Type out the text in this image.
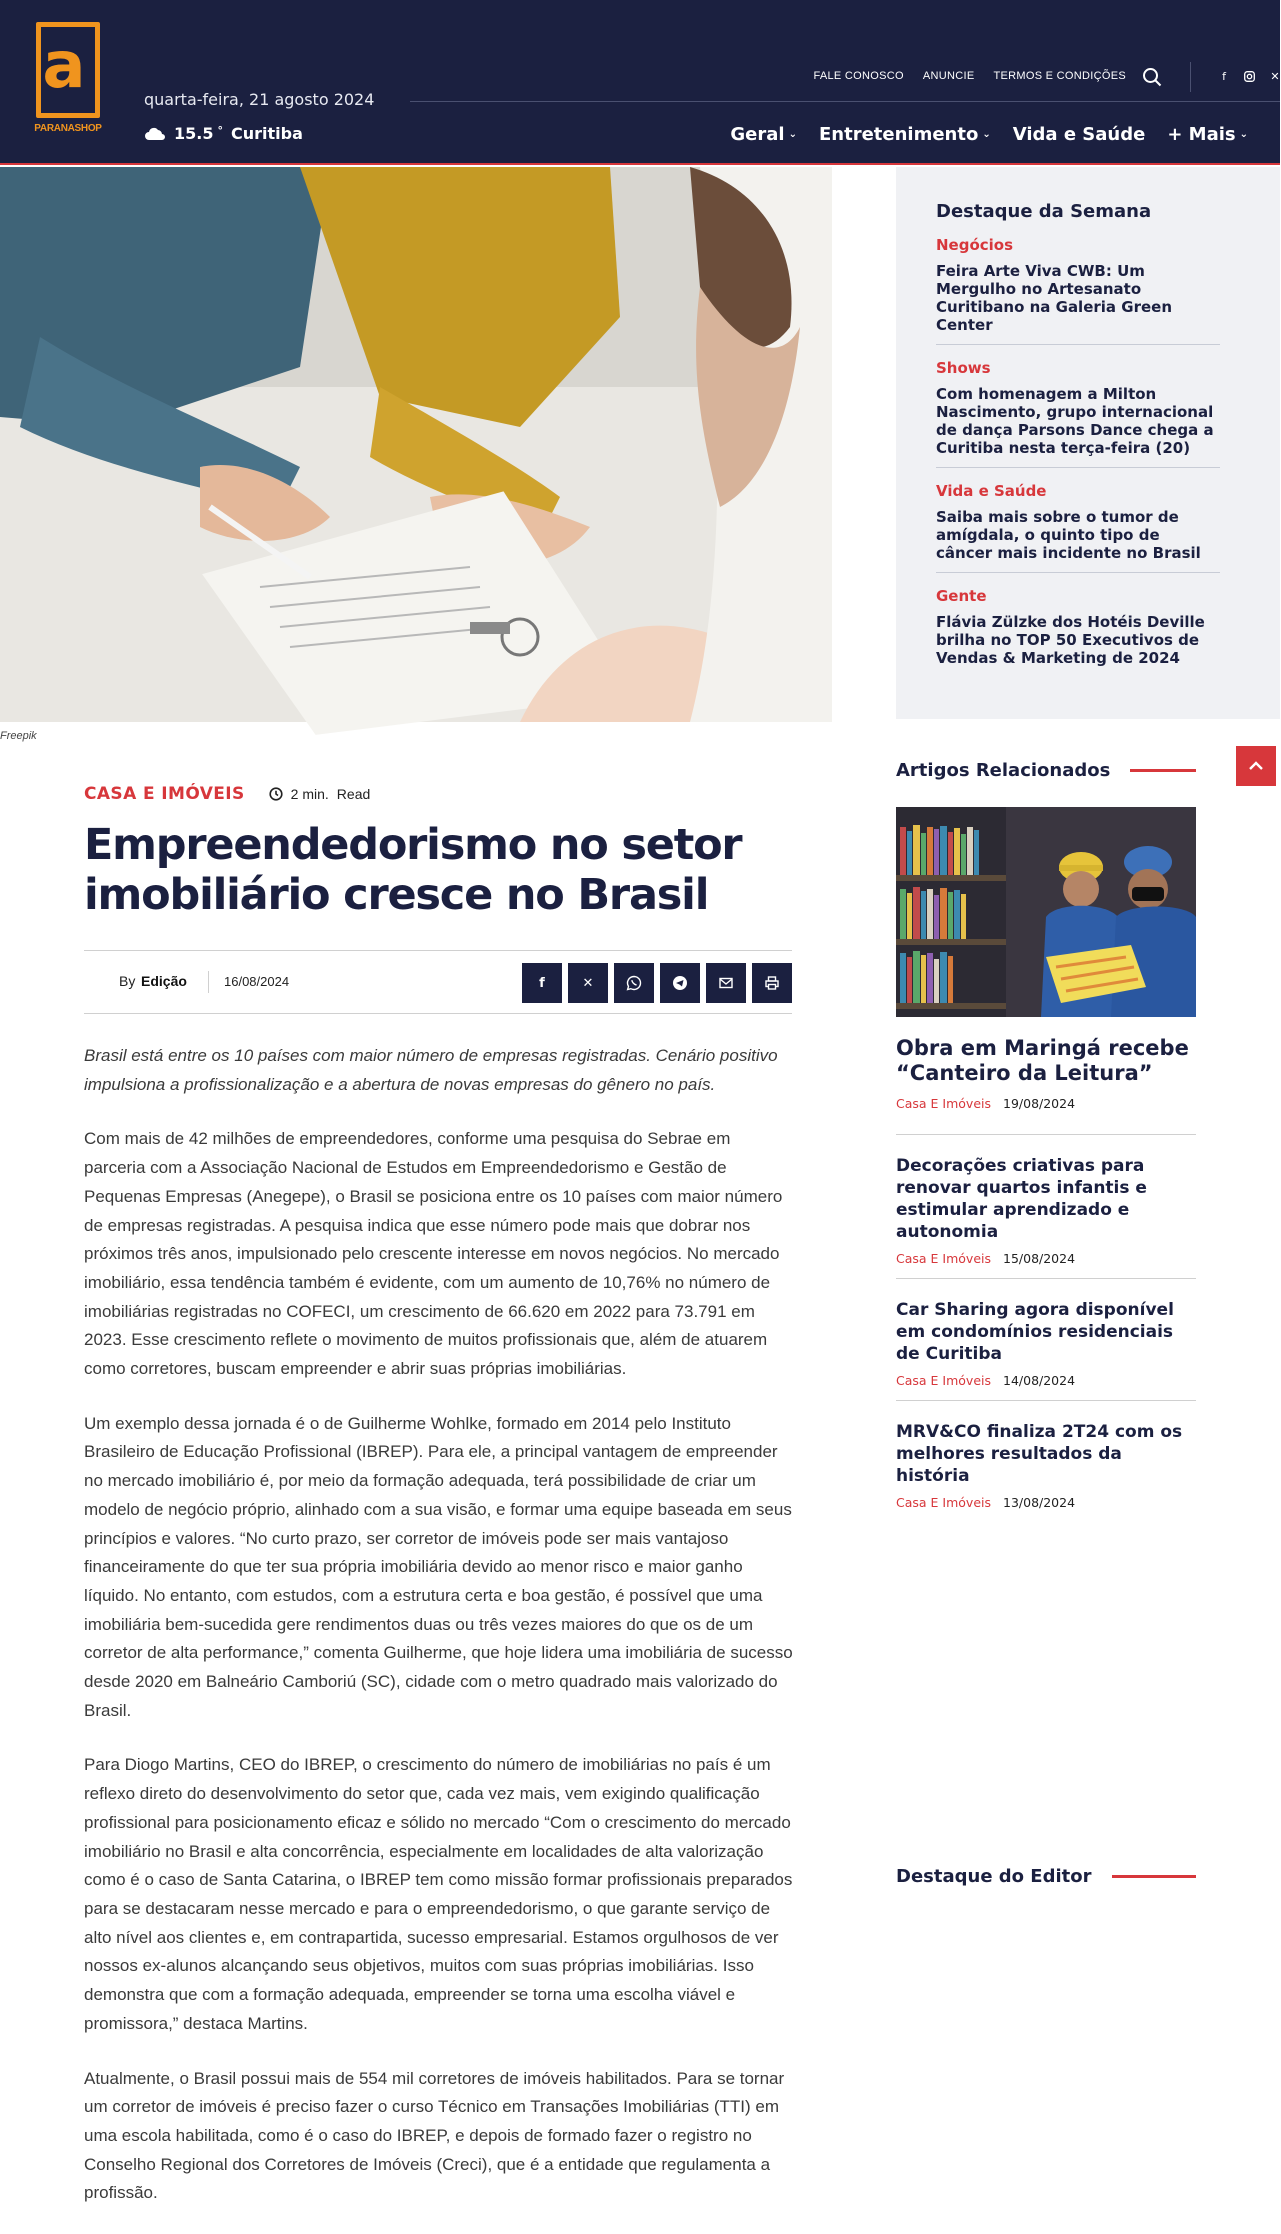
a
PARANASHOP
quarta-feira, 21 agosto 2024
15.5 ° Curitiba
FALE CONOSCO ANUNCIE TERMOS E CONDIÇÕES	f	✕
Geral ⌄ Entretenimento ⌄ Vida e Saúde + Mais ⌄
Freepik
Destaque da Semana
Negócios
Feira Arte Viva CWB: Um Mergulho no Artesanato Curitibano na Galeria Green Center
Shows
Com homenagem a Milton Nascimento, grupo internacional de dança Parsons Dance chega a Curitiba nesta terça-feira (20)
Vida e Saúde
Saiba mais sobre o tumor de amígdala, o quinto tipo de câncer mais incidente no Brasil
Gente
Flávia Zülzke dos Hotéis Deville brilha no TOP 50 Executivos de Vendas & Marketing de 2024
CASA E IMÓVEIS	2 min. Read
Empreendedorismo no setor imobiliário cresce no Brasil
By Edição	16/08/2024	f	✕

Brasil está entre os 10 países com maior número de empresas registradas. Cenário positivo impulsiona a profissionalização e a abertura de novas empresas do gênero no país.

Com mais de 42 milhões de empreendedores, conforme uma pesquisa do Sebrae em parceria com a Associação Nacional de Estudos em Empreendedorismo e Gestão de Pequenas Empresas (Anegepe), o Brasil se posiciona entre os 10 países com maior número de empresas registradas. A pesquisa indica que esse número pode mais que dobrar nos próximos três anos, impulsionado pelo crescente interesse em novos negócios. No mercado imobiliário, essa tendência também é evidente, com um aumento de 10,76% no número de imobiliárias registradas no COFECI, um crescimento de 66.620 em 2022 para 73.791 em 2023. Esse crescimento reflete o movimento de muitos profissionais que, além de atuarem como corretores, buscam empreender e abrir suas próprias imobiliárias.

Um exemplo dessa jornada é o de Guilherme Wohlke, formado em 2014 pelo Instituto Brasileiro de Educação Profissional (IBREP). Para ele, a principal vantagem de empreender no mercado imobiliário é, por meio da formação adequada, terá possibilidade de criar um modelo de negócio próprio, alinhado com a sua visão, e formar uma equipe baseada em seus princípios e valores. “No curto prazo, ser corretor de imóveis pode ser mais vantajoso financeiramente do que ter sua própria imobiliária devido ao menor risco e maior ganho líquido. No entanto, com estudos, com a estrutura certa e boa gestão, é possível que uma imobiliária bem-sucedida gere rendimentos duas ou três vezes maiores do que os de um corretor de alta performance,” comenta Guilherme, que hoje lidera uma imobiliária de sucesso desde 2020 em Balneário Camboriú (SC), cidade com o metro quadrado mais valorizado do Brasil.

Para Diogo Martins, CEO do IBREP, o crescimento do número de imobiliárias no país é um reflexo direto do desenvolvimento do setor que, cada vez mais, vem exigindo qualificação profissional para posicionamento eficaz e sólido no mercado “Com o crescimento do mercado imobiliário no Brasil e alta concorrência, especialmente em localidades de alta valorização como é o caso de Santa Catarina, o IBREP tem como missão formar profissionais preparados para se destacaram nesse mercado e para o empreendedorismo, o que garante serviço de alto nível aos clientes e, em contrapartida, sucesso empresarial. Estamos orgulhosos de ver nossos ex-alunos alcançando seus objetivos, muitos com suas próprias imobiliárias. Isso demonstra que com a formação adequada, empreender se torna uma escolha viável e promissora,” destaca Martins.

Atualmente, o Brasil possui mais de 554 mil corretores de imóveis habilitados. Para se tornar um corretor de imóveis é preciso fazer o curso Técnico em Transações Imobiliárias (TTI) em uma escola habilitada, como é o caso do IBREP, e depois de formado fazer o registro no Conselho Regional dos Corretores de Imóveis (Creci), que é a entidade que regulamenta a profissão.

Artigos Relacionados
Obra em Maringá recebe “Canteiro da Leitura”
Casa E Imóveis 19/08/2024
Decorações criativas para renovar quartos infantis e estimular aprendizado e autonomia
Casa E Imóveis 15/08/2024
Car Sharing agora disponível em condomínios residenciais de Curitiba
Casa E Imóveis 14/08/2024
MRV&CO finaliza 2T24 com os melhores resultados da história
Casa E Imóveis 13/08/2024
Destaque do Editor
